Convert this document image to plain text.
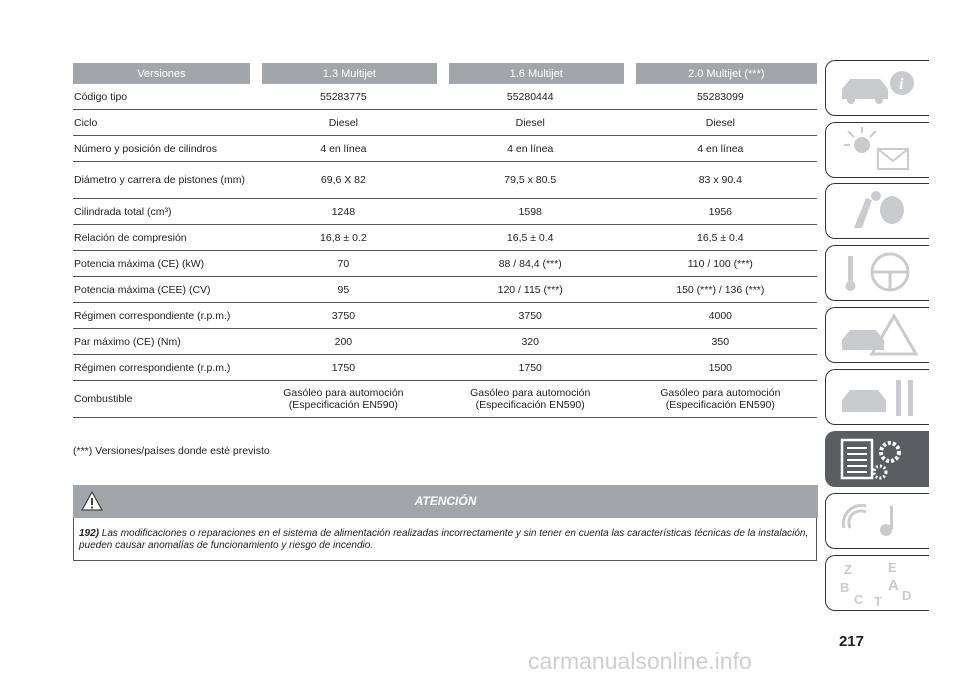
Versiones	1.3 Multijet	1.6 Multijet	2.0 Multijet (***)
Código tipo	55283775	55280444	55283099
Ciclo	Diesel	Diesel	Diesel
Número y posición de cilindros	4 en línea	4 en línea	4 en línea
Diámetro y carrera de pistones (mm)	69,6 X 82	79,5 x 80.5	83 x 90.4
Cilindrada total (cm³)	1248	1598	1956
Relación de compresión	16,8 ± 0.2	16,5 ± 0.4	16,5 ± 0.4
Potencia máxima (CE) (kW)	70	88 / 84,4 (***)	110 / 100 (***)
Potencia máxima (CEE) (CV)	95	120 / 115 (***)	150 (***) / 136 (***)
Régimen correspondiente (r.p.m.)	3750	3750	4000
Par máximo (CE) (Nm)	200	320	350
Régimen correspondiente (r.p.m.)	1750	1750	1500
Combustible	Gasóleo para automoción (Especificación EN590)	Gasóleo para automoción (Especificación EN590)	Gasóleo para automoción (Especificación EN590)
(***) Versiones/países donde esté previsto
ATENCIÓN
192) Las modificaciones o reparaciones en el sistema de alimentación realizadas incorrectamente y sin tener en cuenta las características técnicas de la instalación, pueden causar anomalías de funcionamiento y riesgo de incendio.
i
Z	E
B	A
C T D
217
carmanualsonline.info
